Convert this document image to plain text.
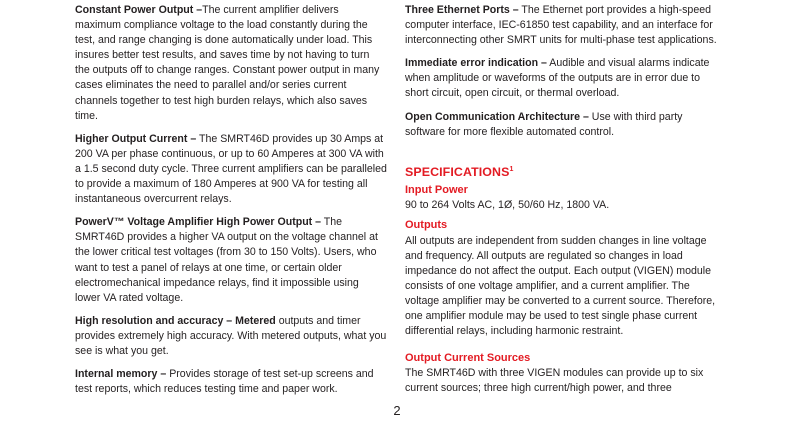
Constant Power Output –The current amplifier delivers maximum compliance voltage to the load constantly during the test, and range changing is done automatically under load. This insures better test results, and saves time by not having to turn the outputs off to change ranges. Constant power output in many cases eliminates the need to parallel and/or series current channels together to test high burden relays, which also saves time.

Higher Output Current – The SMRT46D provides up 30 Amps at 200 VA per phase continuous, or up to 60 Amperes at 300 VA with a 1.5 second duty cycle. Three current amplifiers can be paralleled to provide a maximum of 180 Amperes at 900 VA for testing all instantaneous overcurrent relays.

PowerV™ Voltage Amplifier High Power Output – The SMRT46D provides a higher VA output on the voltage channel at the lower critical test voltages (from 30 to 150 Volts). Users, who want to test a panel of relays at one time, or certain older electromechanical impedance relays, find it impossible using lower VA rated voltage.

High resolution and accuracy – Metered outputs and timer provides extremely high accuracy. With metered outputs, what you see is what you get.

Internal memory – Provides storage of test set-up screens and test reports, which reduces testing time and paper work.

Three Ethernet Ports – The Ethernet port provides a high-speed computer interface, IEC-61850 test capability, and an interface for interconnecting other SMRT units for multi-phase test applications.

Immediate error indication – Audible and visual alarms indicate when amplitude or waveforms of the outputs are in error due to short circuit, open circuit, or thermal overload.

Open Communication Architecture – Use with third party software for more flexible automated control.

SPECIFICATIONS$^1$

Input Power

90 to 264 Volts AC, 1Ø, 50/60 Hz, 1800 VA.

Outputs

All outputs are independent from sudden changes in line voltage and frequency. All outputs are regulated so changes in load impedance do not affect the output. Each output (VIGEN) module consists of one voltage amplifier, and a current amplifier. The voltage amplifier may be converted to a current source. Therefore, one amplifier module may be used to test single phase current differential relays, including harmonic restraint.

Output Current Sources

The SMRT46D with three VIGEN modules can provide up to six current sources; three high current/high power, and three
2
